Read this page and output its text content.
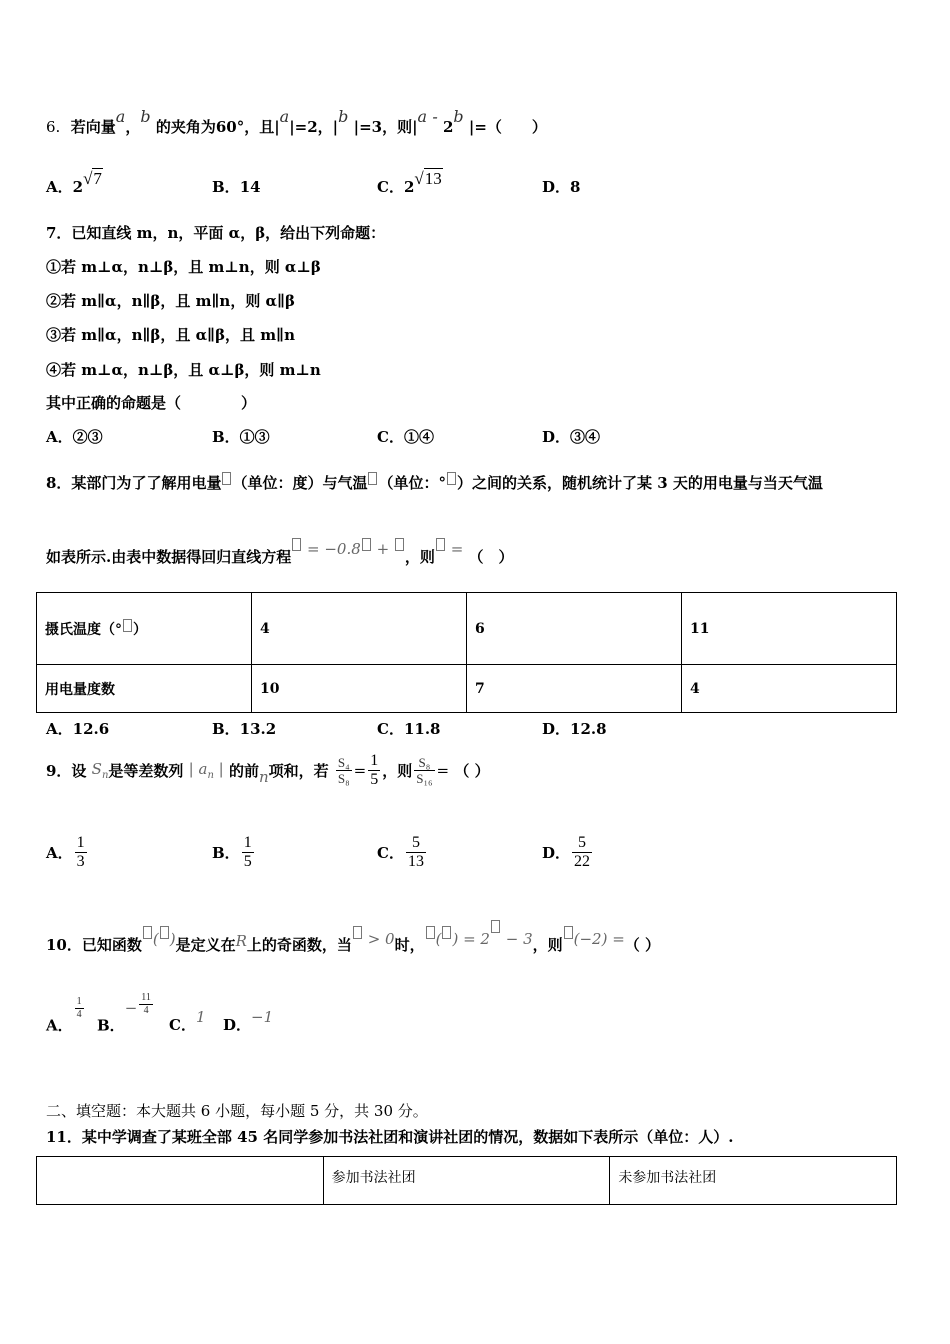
6. 若向量a，b 的夹角为60°，且|a|=2，|b |=3，则|a - 2b |=（　　）
A．2√7	B．14	C．2√13	D．8
7．已知直线 m，n，平面 α，β，给出下列命题：
①若 m⊥α，n⊥β，且 m⊥n，则 α⊥β
②若 m∥α，n∥β，且 m∥n，则 α∥β
③若 m∥α，n∥β，且 α∥β，且 m∥n
④若 m⊥α，n⊥β，且 α⊥β，则 m⊥n
其中正确的命题是（　　　　）
A．②③	B．①③	C．①④	D．③④
8．某部门为了了解用电量 （单位：度）与气温 （单位：° ）之间的关系，随机统计了某 3 天的用电量与当天气温
如表所示.由表中数据得回归直线方程 = −0.8 + ，则 = （　）
摄氏温度（° ）	4	6	11
用电量度数	10	7	4
A．12.6	B．13.2	C．11.8	D．12.8
9．设 $S_n$是等差数列 | $a_n$ | 的前n项和，若 $\frac{\text{S₄}}{\text{S₈}} = \frac{1}{5}$ ，则 $\frac{\text{S₈}}{\text{S₁₆}}$ = （ ）
A． $\frac{1}{3}$	B． $\frac{1}{5}$	C． $\frac{5}{13}$	D． $\frac{5}{22}$
10．已知函数 ( )是定义在R上的奇函数，当 > 0时， ( ) = 2 − 3，则 (−2) =（ ）
A．
$\frac{1}{4}$
B．− $\frac{11}{4}$
C．1 D．−1
二、填空题：本大题共 6 小题，每小题 5 分，共 30 分。
11．某中学调查了某班全部 45 名同学参加书法社团和演讲社团的情况，数据如下表所示（单位：人）.
	参加书法社团	未参加书法社团
